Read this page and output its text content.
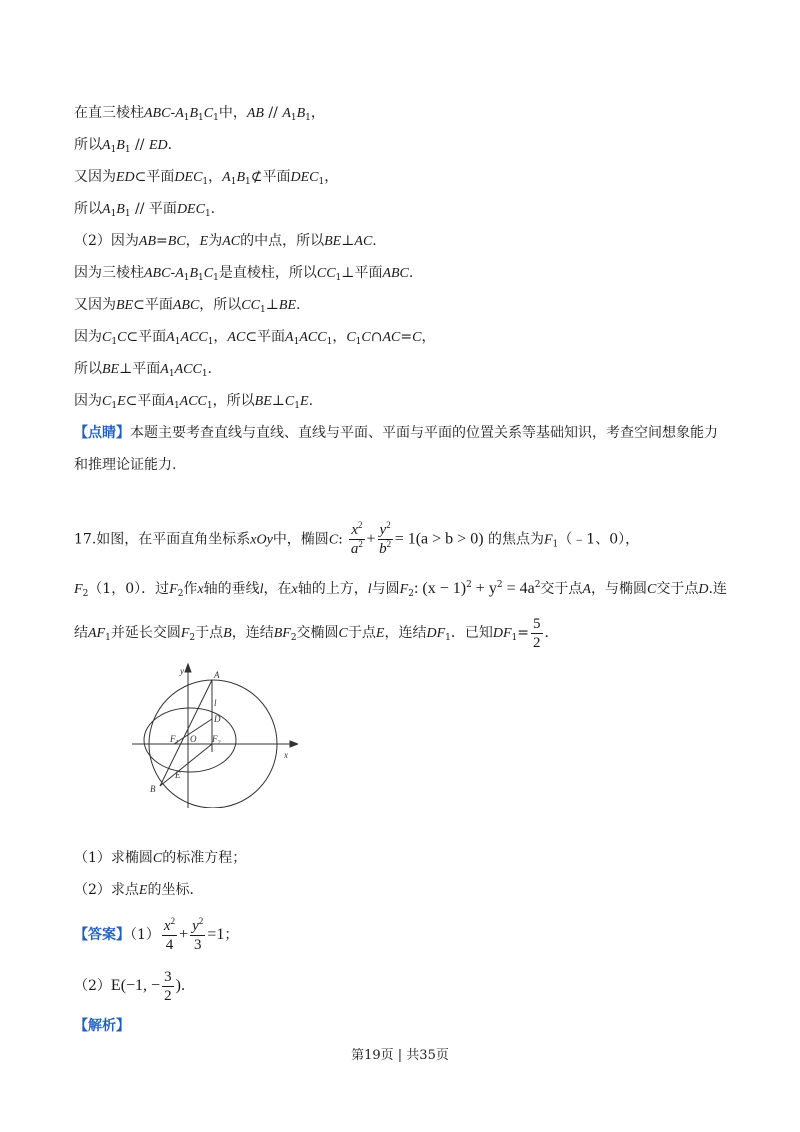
在直三棱柱ABC-$A_1B_1C_1$中，AB // $A_1B_1$，
所以$A_1B_1$ // ED.
又因为ED⊂平面$DEC_1$，$A_1B_1⊄$平面$DEC_1$，
所以$A_1B_1$ // 平面$DEC_1$.
（2）因为AB=BC，E为AC的中点，所以BE⊥AC.
因为三棱柱ABC-$A_1B_1C_1$是直棱柱，所以$CC_1\perp$平面ABC.
又因为BE⊂平面ABC，所以$CC_1\perp BE$.
因为$C_1C\subset$平面$A_1ACC_1$，AC⊂平面$A_1ACC_1$，$C_1C\cap AC=C$，
所以BE⊥平面$A_1ACC_1$.
因为$C_1E\subset$平面$A_1ACC_1$，所以$BE\perp C_1E$.
【点睛】本题主要考查直线与直线、直线与平面、平面与平面的位置关系等基础知识，考查空间想象能力
和推理论证能力.
17.如图，在平面直角坐标系xOy中，椭圆C: $\frac{x^2}{a^2} + \frac{y^2}{b^2} = 1(a > b > 0)$ 的焦点为$F_1(﹣1$、0），
$F_2(1$，0）．过$F_2$作x轴的垂线l，在x轴的上方，l与圆$F_2$: $(x - 1)^2 + y^2 = 4a^2$交于点A，与椭圆C交于点D.连
结$AF_1$并延长交圆$F_2$于点B，连结$BF_2$交椭圆C于点E，连结$DF_1$．已知$DF_1= \frac{5}{2}$ ．
y
x
A
l
D
$F_1$ O $F_2$
E
B
（1）求椭圆C的标准方程；
（2）求点E的坐标．
【答案】$(1) \frac{x^2}{4} + \frac{y^2}{3} =1$；
（2）E(−1, − $\frac{3}{2}$ )．
【解析】
第19页 | 共35页
